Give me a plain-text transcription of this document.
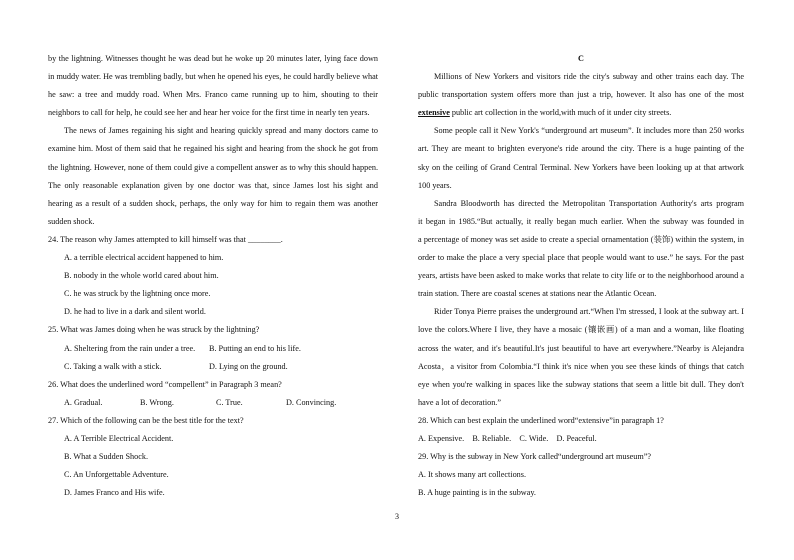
by the lightning. Witnesses thought he was dead but he woke up 20 minutes later, lying face down
in muddy water. He was trembling badly, but when he opened his eyes, he could hardly believe what
he saw: a tree and muddy road. When Mrs. Franco came running up to him, shouting to their
neighbors to call for help, he could see her and hear her voice for the first time in nearly ten years.
The news of James regaining his sight and hearing quickly spread and many doctors came to
examine him. Most of them said that he regained his sight and hearing from the shock he got from
the lightning. However, none of them could give a compellent answer as to why this should happen.
The only reasonable explanation given by one doctor was that, since James lost his sight and
hearing as a result of a sudden shock, perhaps, the only way for him to regain them was another
sudden shock.
24. The reason why James attempted to kill himself was that ________.
A. a terrible electrical accident happened to him.
B. nobody in the whole world cared about him.
C. he was struck by the lightning once more.
D. he had to live in a dark and silent world.
25. What was James doing when he was struck by the lightning?
A. Sheltering from the rain under a tree. B. Putting an end to his life.
C. Taking a walk with a stick.	D. Lying on the ground.
26. What does the underlined word “compellent” in Paragraph 3 mean?
A. Gradual.	B. Wrong.	C. True.	D. Convincing.
27. Which of the following can be the best title for the text?
A. A Terrible Electrical Accident.
B. What a Sudden Shock.
C. An Unforgettable Adventure.
D. James Franco and His wife.
C
Millions of New Yorkers and visitors ride the city's subway and other trains each day. The
public transportation system offers more than just a trip, however. It also has one of the most
extensive public art collection in the world,with much of it under city streets.
Some people call it New York's “underground art museum”. It includes more than 250 works
art. They are meant to brighten everyone's ride around the city. There is a huge painting of the
sky on the ceiling of Grand Central Terminal. New Yorkers have been looking up at that artwork
100 years.
Sandra Bloodworth has directed the Metropolitan Transportation Authority's arts program
it began in 1985.“But actually, it really began much earlier. When the subway was founded in
a percentage of money was set aside to create a special ornamentation (装饰) within the system, in
order to make the place a very special place that people would want to use.” he says. For the past
years, artists have been asked to make works that relate to city life or to the neighborhood around a
train station. There are coastal scenes at stations near the Atlantic Ocean.
Rider Tonya Pierre praises the underground art.“When I'm stressed, I look at the subway art. I
love the colors.Where I live, they have a mosaic (镶嵌画) of a man and a woman, like floating
across the water, and it's beautiful.It's just beautiful to have art everywhere.”Nearby is Alejandra
Acosta，a visitor from Colombia.“I think it's nice when you see these kinds of things that catch
eye when you're walking in spaces like the subway stations that seem a little bit dull. They don't
have a lot of decoration.”
28. Which can best explain the underlined word“extensive”in paragraph 1?
A. Expensive.    B. Reliable.    C. Wide.    D. Peaceful.
29. Why is the subway in New York called“underground art museum”?
A. It shows many art collections.
B. A huge painting is in the subway.
3
